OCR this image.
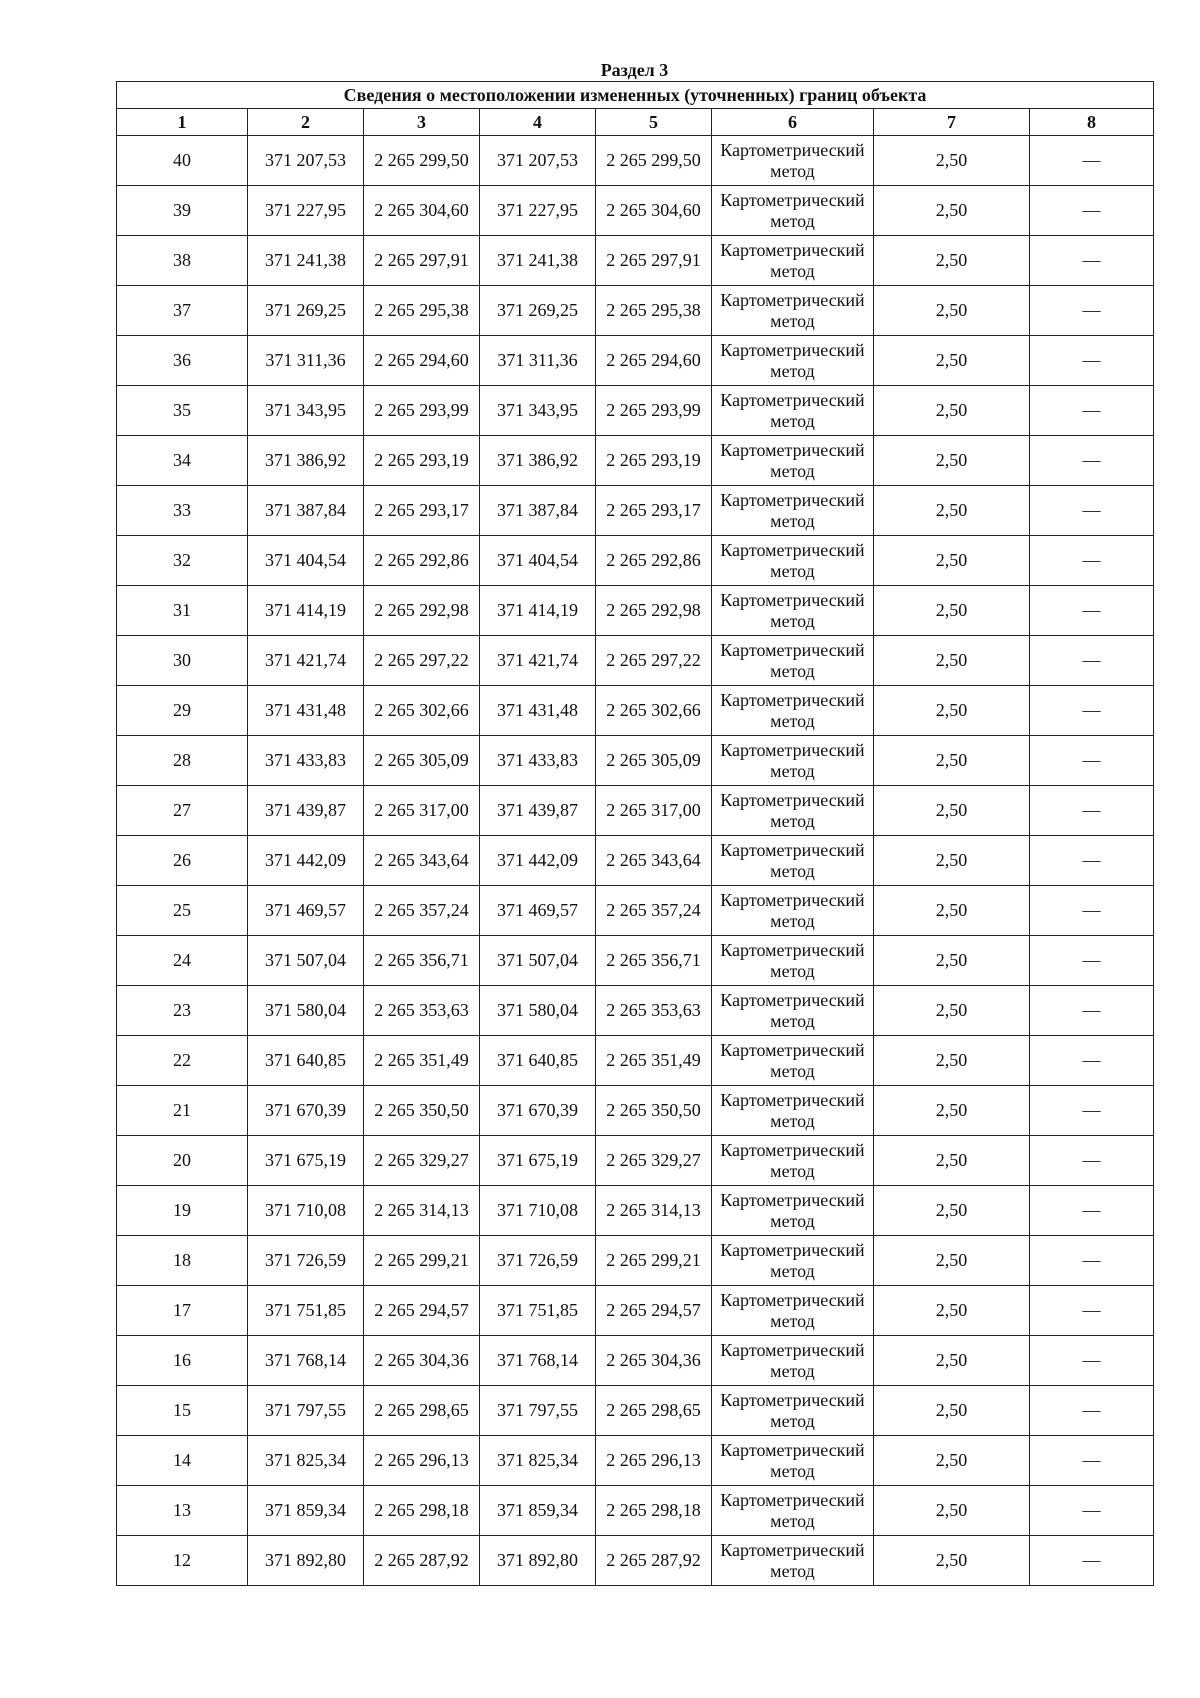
Раздел 3
Сведения о местоположении измененных (уточненных) границ объекта							
1	2	3	4	5	6	7	8
40	371 207,53	2 265 299,50	371 207,53	2 265 299,50	Картометрический метод	2,50	—
39	371 227,95	2 265 304,60	371 227,95	2 265 304,60	Картометрический метод	2,50	—
38	371 241,38	2 265 297,91	371 241,38	2 265 297,91	Картометрический метод	2,50	—
37	371 269,25	2 265 295,38	371 269,25	2 265 295,38	Картометрический метод	2,50	—
36	371 311,36	2 265 294,60	371 311,36	2 265 294,60	Картометрический метод	2,50	—
35	371 343,95	2 265 293,99	371 343,95	2 265 293,99	Картометрический метод	2,50	—
34	371 386,92	2 265 293,19	371 386,92	2 265 293,19	Картометрический метод	2,50	—
33	371 387,84	2 265 293,17	371 387,84	2 265 293,17	Картометрический метод	2,50	—
32	371 404,54	2 265 292,86	371 404,54	2 265 292,86	Картометрический метод	2,50	—
31	371 414,19	2 265 292,98	371 414,19	2 265 292,98	Картометрический метод	2,50	—
30	371 421,74	2 265 297,22	371 421,74	2 265 297,22	Картометрический метод	2,50	—
29	371 431,48	2 265 302,66	371 431,48	2 265 302,66	Картометрический метод	2,50	—
28	371 433,83	2 265 305,09	371 433,83	2 265 305,09	Картометрический метод	2,50	—
27	371 439,87	2 265 317,00	371 439,87	2 265 317,00	Картометрический метод	2,50	—
26	371 442,09	2 265 343,64	371 442,09	2 265 343,64	Картометрический метод	2,50	—
25	371 469,57	2 265 357,24	371 469,57	2 265 357,24	Картометрический метод	2,50	—
24	371 507,04	2 265 356,71	371 507,04	2 265 356,71	Картометрический метод	2,50	—
23	371 580,04	2 265 353,63	371 580,04	2 265 353,63	Картометрический метод	2,50	—
22	371 640,85	2 265 351,49	371 640,85	2 265 351,49	Картометрический метод	2,50	—
21	371 670,39	2 265 350,50	371 670,39	2 265 350,50	Картометрический метод	2,50	—
20	371 675,19	2 265 329,27	371 675,19	2 265 329,27	Картометрический метод	2,50	—
19	371 710,08	2 265 314,13	371 710,08	2 265 314,13	Картометрический метод	2,50	—
18	371 726,59	2 265 299,21	371 726,59	2 265 299,21	Картометрический метод	2,50	—
17	371 751,85	2 265 294,57	371 751,85	2 265 294,57	Картометрический метод	2,50	—
16	371 768,14	2 265 304,36	371 768,14	2 265 304,36	Картометрический метод	2,50	—
15	371 797,55	2 265 298,65	371 797,55	2 265 298,65	Картометрический метод	2,50	—
14	371 825,34	2 265 296,13	371 825,34	2 265 296,13	Картометрический метод	2,50	—
13	371 859,34	2 265 298,18	371 859,34	2 265 298,18	Картометрический метод	2,50	—
12	371 892,80	2 265 287,92	371 892,80	2 265 287,92	Картометрический метод	2,50	—
